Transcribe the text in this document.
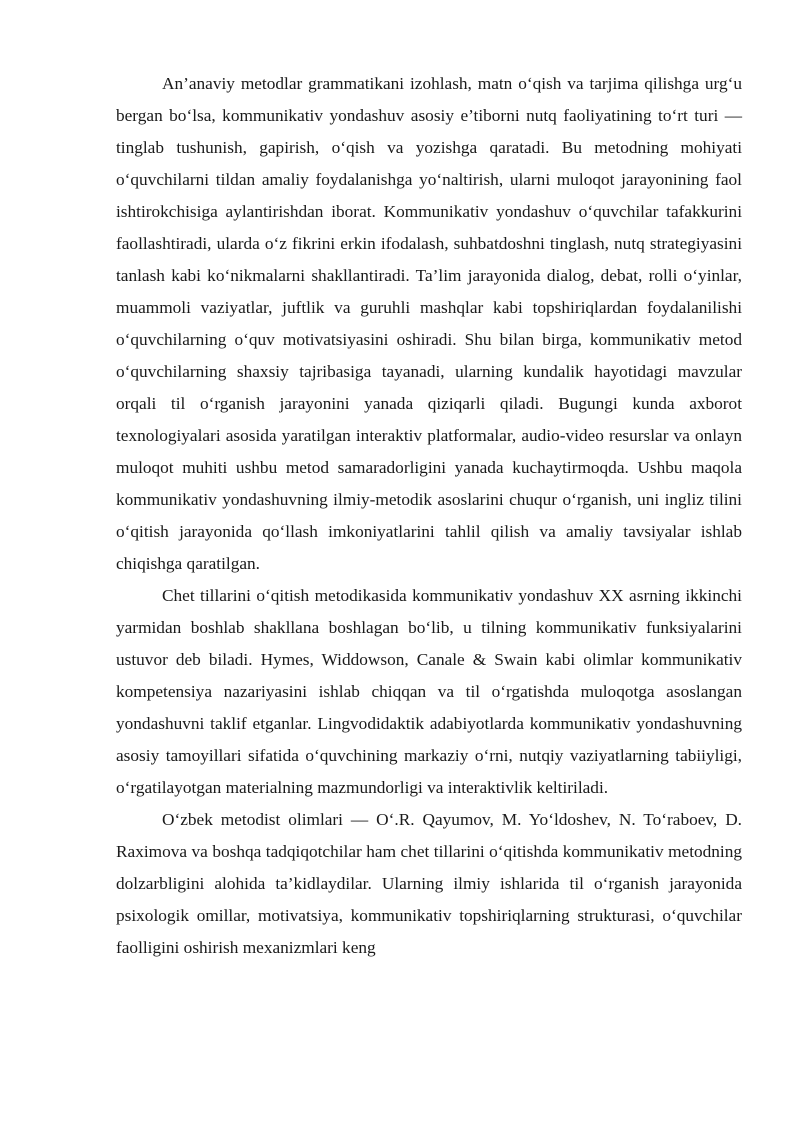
An’anaviy metodlar grammatikani izohlash, matn o‘qish va tarjima qilishga urg‘u bergan bo‘lsa, kommunikativ yondashuv asosiy e’tiborni nutq faoliyatining to‘rt turi — tinglab tushunish, gapirish, o‘qish va yozishga qaratadi. Bu metodning mohiyati o‘quvchilarni tildan amaliy foydalanishga yo‘naltirish, ularni muloqot jarayonining faol ishtirokchisiga aylantirishdan iborat. Kommunikativ yondashuv o‘quvchilar tafakkurini faollashtiradi, ularda o‘z fikrini erkin ifodalash, suhbatdoshni tinglash, nutq strategiyasini tanlash kabi ko‘nikmalarni shakllantiradi. Ta’lim jarayonida dialog, debat, rolli o‘yinlar, muammoli vaziyatlar, juftlik va guruhli mashqlar kabi topshiriqlardan foydalanilishi o‘quvchilarning o‘quv motivatsiyasini oshiradi. Shu bilan birga, kommunikativ metod o‘quvchilarning shaxsiy tajribasiga tayanadi, ularning kundalik hayotidagi mavzular orqali til o‘rganish jarayonini yanada qiziqarli qiladi. Bugungi kunda axborot texnologiyalari asosida yaratilgan interaktiv platformalar, audio-video resurslar va onlayn muloqot muhiti ushbu metod samaradorligini yanada kuchaytirmoqda. Ushbu maqola kommunikativ yondashuvning ilmiy-metodik asoslarini chuqur o‘rganish, uni ingliz tilini o‘qitish jarayonida qo‘llash imkoniyatlarini tahlil qilish va amaliy tavsiyalar ishlab chiqishga qaratilgan.

Chet tillarini o‘qitish metodikasida kommunikativ yondashuv XX asrning ikkinchi yarmidan boshlab shakllana boshlagan bo‘lib, u tilning kommunikativ funksiyalarini ustuvor deb biladi. Hymes, Widdowson, Canale & Swain kabi olimlar kommunikativ kompetensiya nazariyasini ishlab chiqqan va til o‘rgatishda muloqotga asoslangan yondashuvni taklif etganlar. Lingvodidaktik adabiyotlarda kommunikativ yondashuvning asosiy tamoyillari sifatida o‘quvchining markaziy o‘rni, nutqiy vaziyatlarning tabiiyligi, o‘rgatilayotgan materialning mazmundorligi va interaktivlik keltiriladi.

O‘zbek metodist olimlari — O‘.R. Qayumov, M. Yo‘ldoshev, N. To‘raboev, D. Raximova va boshqa tadqiqotchilar ham chet tillarini o‘qitishda kommunikativ metodning dolzarbligini alohida ta’kidlaydilar. Ularning ilmiy ishlarida til o‘rganish jarayonida psixologik omillar, motivatsiya, kommunikativ topshiriqlarning strukturasi, o‘quvchilar faolligini oshirish mexanizmlari keng
